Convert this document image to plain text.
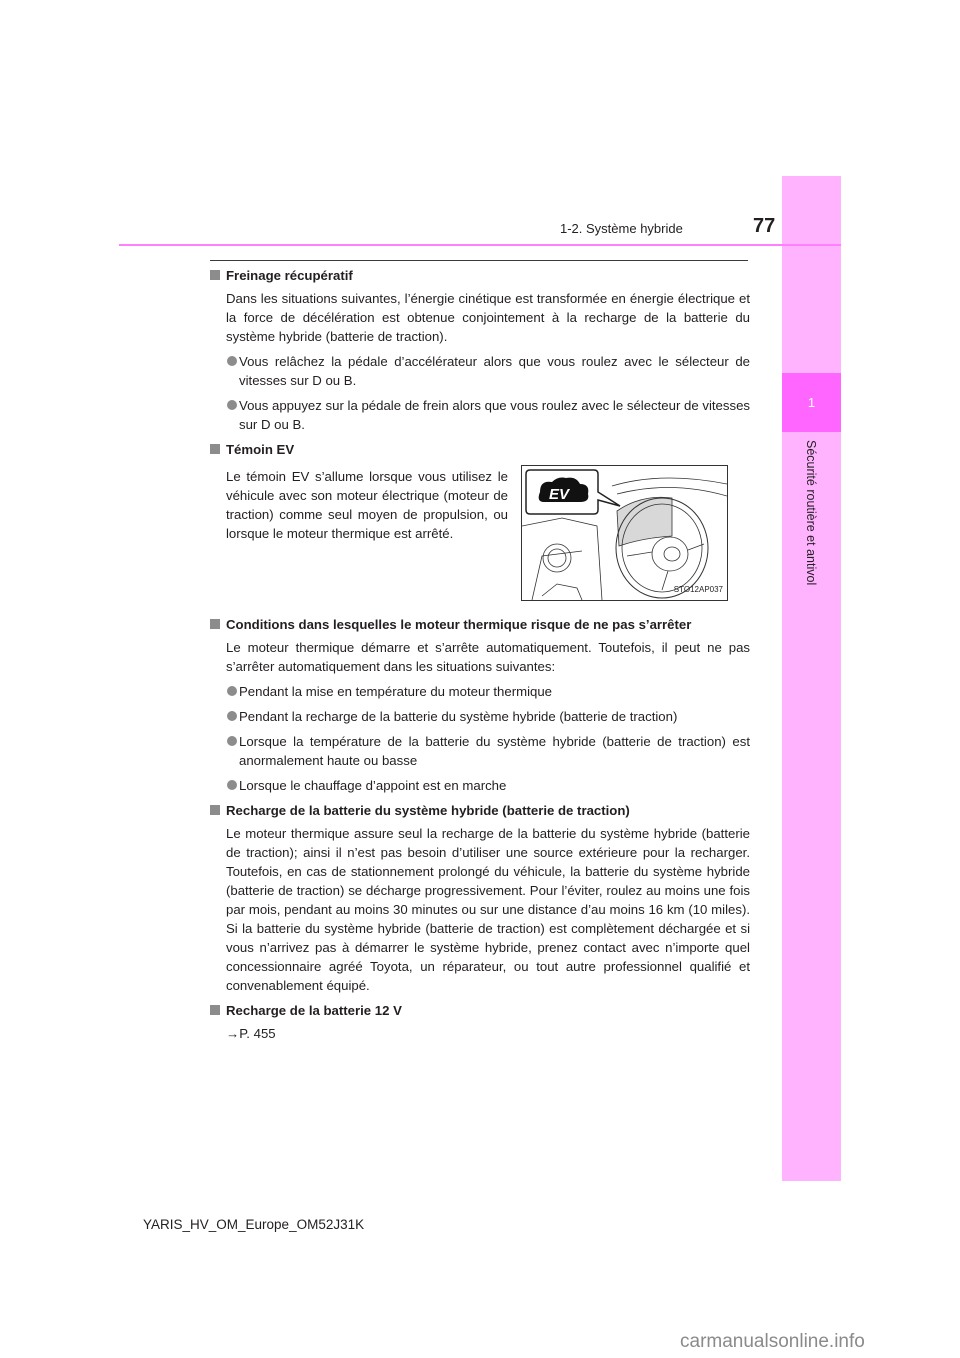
1
Sécurité routière et antivol
1-2. Système hybride	77
Freinage récupératif
Dans les situations suivantes, l’énergie cinétique est transformée en énergie électrique et la force de décélération est obtenue conjointement à la recharge de la batterie du système hybride (batterie de traction).
Vous relâchez la pédale d’accélérateur alors que vous roulez avec le sélecteur de vitesses sur D ou B.
Vous appuyez sur la pédale de frein alors que vous roulez avec le sélecteur de vitesses sur D ou B.
Témoin EV
Le témoin EV s’allume lorsque vous utilisez le véhicule avec son moteur électrique (moteur de traction) comme seul moyen de propulsion, ou lorsque le moteur thermique est arrêté.
EV
STO12AP037
Conditions dans lesquelles le moteur thermique risque de ne pas s’arrêter
Le moteur thermique démarre et s’arrête automatiquement. Toutefois, il peut ne pas s’arrêter automatiquement dans les situations suivantes:
Pendant la mise en température du moteur thermique
Pendant la recharge de la batterie du système hybride (batterie de traction)
Lorsque la température de la batterie du système hybride (batterie de traction) est anormalement haute ou basse
Lorsque le chauffage d’appoint est en marche
Recharge de la batterie du système hybride (batterie de traction)
Le moteur thermique assure seul la recharge de la batterie du système hybride (batterie de traction); ainsi il n’est pas besoin d’utiliser une source extérieure pour la recharger. Toutefois, en cas de stationnement prolongé du véhicule, la batterie du système hybride (batterie de traction) se décharge progressivement. Pour l’éviter, roulez au moins une fois par mois, pendant au moins 30 minutes ou sur une distance d’au moins 16 km (10 miles). Si la batterie du système hybride (batterie de traction) est complètement déchargée et si vous n’arrivez pas à démarrer le système hybride, prenez contact avec n’importe quel concessionnaire agréé Toyota, un réparateur, ou tout autre professionnel qualifié et convenablement équipé.
Recharge de la batterie 12 V
→P. 455
YARIS_HV_OM_Europe_OM52J31K
carmanualsonline.info
